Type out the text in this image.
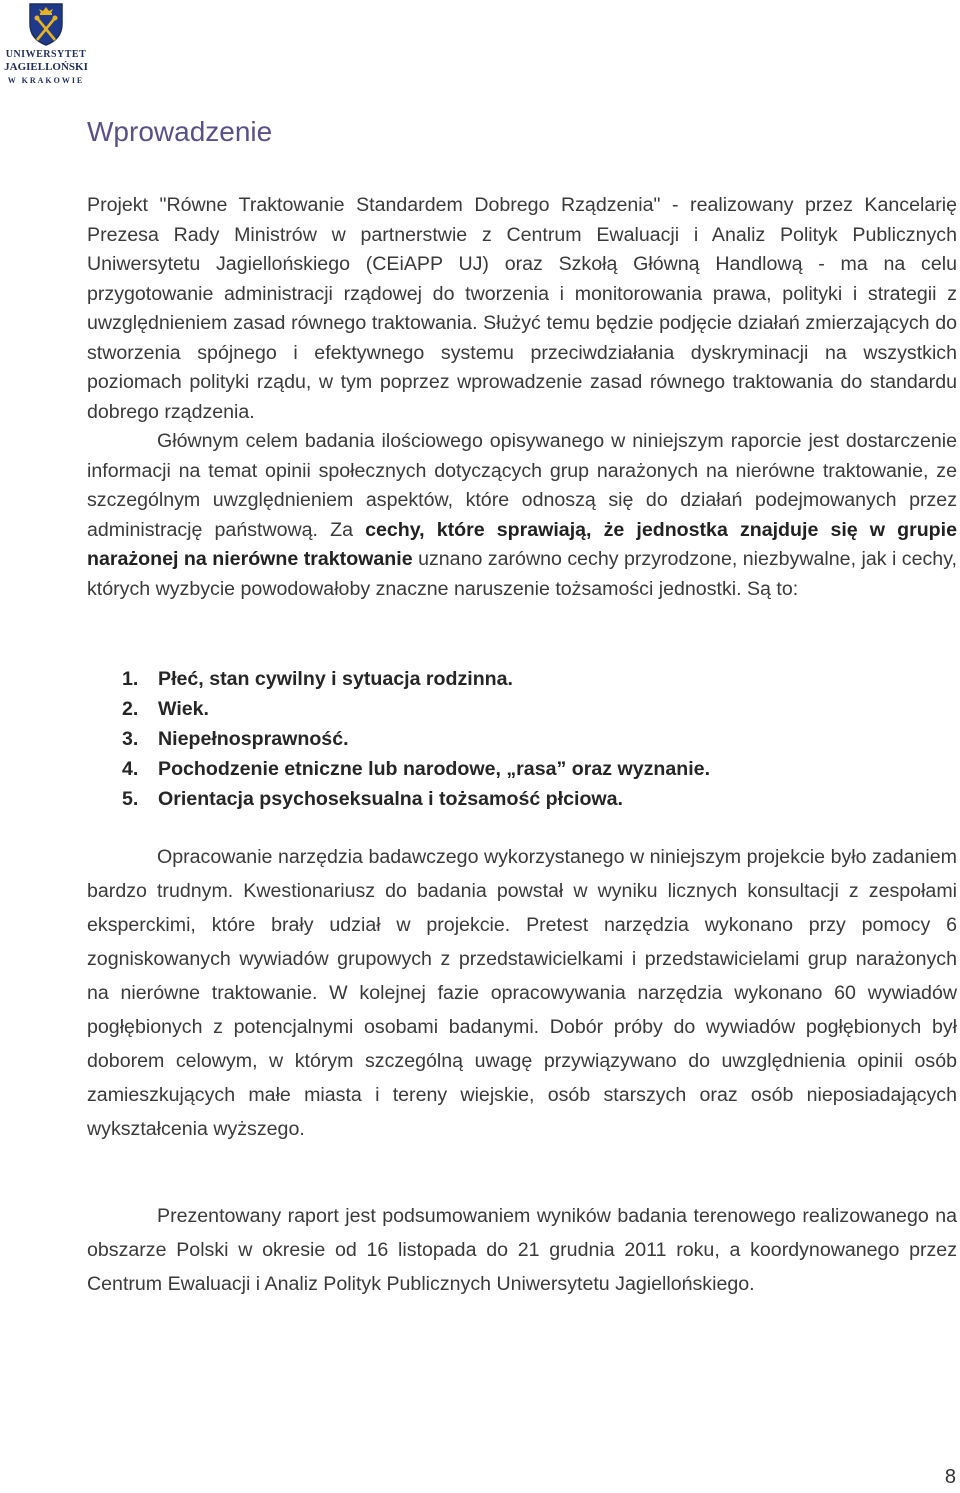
UNIWERSYTET
JAGIELLOŃSKI
W KRAKOWIE
Wprowadzenie

Projekt "Równe Traktowanie Standardem Dobrego Rządzenia" - realizowany przez Kancelarię Prezesa Rady Ministrów w partnerstwie z Centrum Ewaluacji i Analiz Polityk Publicznych Uniwersytetu Jagiellońskiego (CEiAPP UJ) oraz Szkołą Główną Handlową - ma na celu przygotowanie administracji rządowej do tworzenia i monitorowania prawa, polityki i strategii z uwzględnieniem zasad równego traktowania. Służyć temu będzie podjęcie działań zmierzających do stworzenia spójnego i efektywnego systemu przeciwdziałania dyskryminacji na wszystkich poziomach polityki rządu, w tym poprzez wprowadzenie zasad równego traktowania do standardu dobrego rządzenia.
Głównym celem badania ilościowego opisywanego w niniejszym raporcie jest dostarczenie informacji na temat opinii społecznych dotyczących grup narażonych na nierówne traktowanie, ze szczególnym uwzględnieniem aspektów, które odnoszą się do działań podejmowanych przez administrację państwową. Za cechy, które sprawiają, że jednostka znajduje się w grupie narażonej na nierówne traktowanie uznano zarówno cechy przyrodzone, niezbywalne, jak i cechy, których wyzbycie powodowałoby znaczne naruszenie tożsamości jednostki. Są to:

1. Płeć, stan cywilny i sytuacja rodzinna.
2. Wiek.
3. Niepełnosprawność.
4. Pochodzenie etniczne lub narodowe, „rasa” oraz wyznanie.
5. Orientacja psychoseksualna i tożsamość płciowa.

Opracowanie narzędzia badawczego wykorzystanego w niniejszym projekcie było zadaniem bardzo trudnym. Kwestionariusz do badania powstał w wyniku licznych konsultacji z zespołami eksperckimi, które brały udział w projekcie. Pretest narzędzia wykonano przy pomocy 6 zogniskowanych wywiadów grupowych z przedstawicielkami i przedstawicielami grup narażonych na nierówne traktowanie. W kolejnej fazie opracowywania narzędzia wykonano 60 wywiadów pogłębionych z potencjalnymi osobami badanymi. Dobór próby do wywiadów pogłębionych był doborem celowym, w którym szczególną uwagę przywiązywano do uwzględnienia opinii osób zamieszkujących małe miasta i tereny wiejskie, osób starszych oraz osób nieposiadających wykształcenia wyższego.

Prezentowany raport jest podsumowaniem wyników badania terenowego realizowanego na obszarze Polski w okresie od 16 listopada do 21 grudnia 2011 roku, a koordynowanego przez Centrum Ewaluacji i Analiz Polityk Publicznych Uniwersytetu Jagiellońskiego.

8
